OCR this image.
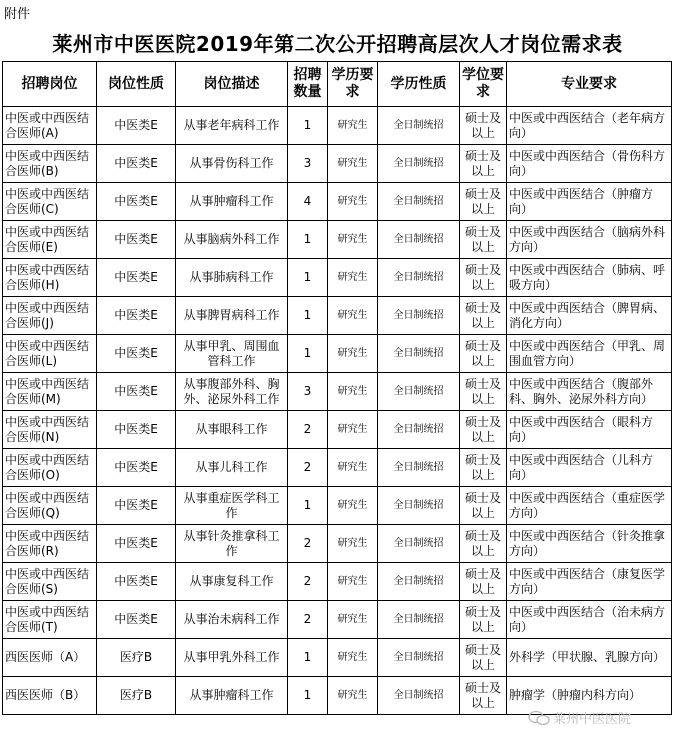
附件
莱州市中医医院2019年第二次公开招聘高层次人才岗位需求表
招聘岗位	岗位性质	岗位描述	招聘数量	学历要求	学历性质	学位要求	专业要求
中医或中西医结合医师(A)	中医类E	从事老年病科工作	1	研究生	全日制统招	硕士及以上	中医或中西医结合（老年病方向）
中医或中西医结合医师(B)	中医类E	从事骨伤科工作	3	研究生	全日制统招	硕士及以上	中医或中西医结合（骨伤科方向）
中医或中西医结合医师(C)	中医类E	从事肿瘤科工作	4	研究生	全日制统招	硕士及以上	中医或中西医结合（肿瘤方向）
中医或中西医结合医师(E)	中医类E	从事脑病外科工作	1	研究生	全日制统招	硕士及以上	中医或中西医结合（脑病外科方向）
中医或中西医结合医师(H)	中医类E	从事肺病科工作	1	研究生	全日制统招	硕士及以上	中医或中西医结合（肺病、呼吸方向）
中医或中西医结合医师(J)	中医类E	从事脾胃病科工作	1	研究生	全日制统招	硕士及以上	中医或中西医结合（脾胃病、消化方向）
中医或中西医结合医师(L)	中医类E	从事甲乳、周围血管科工作	1	研究生	全日制统招	硕士及以上	中医或中西医结合（甲乳、周围血管方向）
中医或中西医结合医师(M)	中医类E	从事腹部外科、胸外、泌尿外科工作	3	研究生	全日制统招	硕士及以上	中医或中西医结合（腹部外科、胸外、泌尿外科方向）
中医或中西医结合医师(N)	中医类E	从事眼科工作	2	研究生	全日制统招	硕士及以上	中医或中西医结合（眼科方向）
中医或中西医结合医师(O)	中医类E	从事儿科工作	2	研究生	全日制统招	硕士及以上	中医或中西医结合（儿科方向）
中医或中西医结合医师(Q)	中医类E	从事重症医学科工作	1	研究生	全日制统招	硕士及以上	中医或中西医结合（重症医学方向）
中医或中西医结合医师(R)	中医类E	从事针灸推拿科工作	2	研究生	全日制统招	硕士及以上	中医或中西医结合（针灸推拿方向）
中医或中西医结合医师(S)	中医类E	从事康复科工作	2	研究生	全日制统招	硕士及以上	中医或中西医结合（康复医学方向）
中医或中西医结合医师(T)	中医类E	从事治未病科工作	2	研究生	全日制统招	硕士及以上	中医或中西医结合（治未病方向）
西医医师（A）	医疗B	从事甲乳外科工作	1	研究生	全日制统招	硕士及以上	外科学（甲状腺、乳腺方向）
西医医师（B）	医疗B	从事肿瘤科工作	1	研究生	全日制统招	硕士及以上	肿瘤学（肿瘤内科方向）
莱州中医医院
